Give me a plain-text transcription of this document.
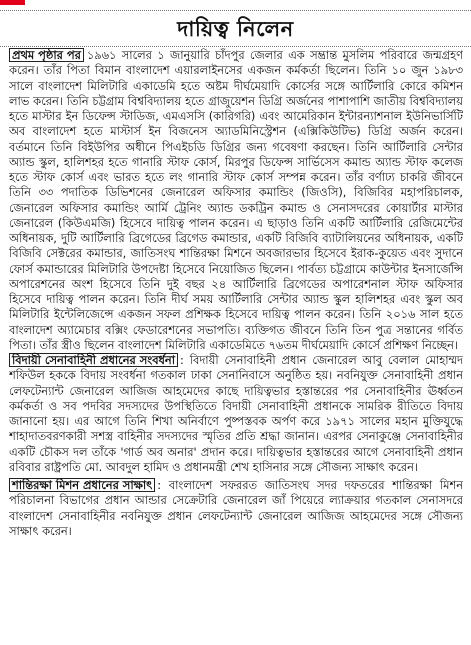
দায়িত্ব নিলেন

প্রথম পৃষ্ঠার পর ১৯৬১ সালের ১ জানুয়ারি চাঁদপুর জেলার এক সম্ভ্রান্ত মুসলিম পরিবারে জন্মগ্রহণ করেন। তাঁর পিতা বিমান বাংলাদেশ এয়ারলাইনসের একজন কর্মকর্তা ছিলেন। তিনি ১০ জুন ১৯৮৩ সালে বাংলাদেশ মিলিটারি একাডেমি হতে অষ্টম দীর্ঘমেয়াদি কোর্সের সঙ্গে আর্টিলারি কোরে কমিশন লাভ করেন। তিনি চট্টগ্রাম বিশ্ববিদ্যালয় হতে গ্রাজুয়েশন ডিগ্রি অর্জনের পাশাপাশি জাতীয় বিশ্ববিদ্যালয় হতে মাস্টার ইন ডিফেন্স স্টাডিজ, এমএসসি (কারিগরি) এবং আমেরিকান ইন্টারন্যাশনাল ইউনিভার্সিটি অব বাংলাদেশ হতে মাস্টার্স ইন বিজনেস অ্যাডমিনিস্ট্রেশন (এক্সিকিউটিভ) ডিগ্রি অর্জন করেন। বর্তমানে তিনি বিইউপির অধীনে পিএইচডি ডিগ্রির জন্য গবেষণা করছেন। তিনি আর্টিলারি সেন্টার অ্যান্ড স্কুল, হালিশহর হতে গানারি স্টাফ কোর্স, মিরপুর ডিফেন্স সার্ভিসেস কমান্ড অ্যান্ড স্টাফ কলেজ হতে স্টাফ কোর্স এবং ভারত হতে লং গানারি স্টাফ কোর্স সম্পন্ন করেন। তাঁর বর্ণাঢ্য চাকরি জীবনে তিনি ৩৩ পদাতিক ডিভিশনের জেনারেল অফিসার কমান্ডিং (জিওসি), বিজিবির মহাপরিচালক, জেনারেল অফিসার কমান্ডিং আর্মি ট্রেনিং অ্যান্ড ডকট্রিন কমান্ড ও সেনাসদরের কোয়ার্টার মাস্টার জেনারেল (কিউএমজি) হিসেবে দায়িত্ব পালন করেন। এ ছাড়াও তিনি একটি আর্টিলারি রেজিমেন্টের অধিনায়ক, দুটি আর্টিলারি ব্রিগেডের ব্রিগেড কমান্ডার, একটি বিজিবি ব্যাটালিয়নের অধিনায়ক, একটি বিজিবি সেক্টরের কমান্ডার, জাতিসংঘ শান্তিরক্ষা মিশনে অবজারভার হিসেবে ইরাক-কুয়েত এবং সুদানে ফোর্স কমান্ডারের মিলিটারি উপদেষ্টা হিসেবে নিয়োজিত ছিলেন। পার্বত্য চট্টগ্রামে কাউন্টার ইনসার্জেন্সি অপারেশনের অংশ হিসেবে তিনি দুই বছর ২৪ আর্টিলারি ব্রিগেডের অপারেশনাল স্টাফ অফিসার হিসেবে দায়িত্ব পালন করেন। তিনি দীর্ঘ সময় আর্টিলারি সেন্টার অ্যান্ড স্কুল হালিশহর এবং স্কুল অব মিলিটারি ইন্টেলিজেন্সে একজন সফল প্রশিক্ষক হিসেবে দায়িত্ব পালন করেন। তিনি ২০১৬ সাল হতে বাংলাদেশ অ্যামেচার বক্সিং ফেডারেশনের সভাপতি। ব্যক্তিগত জীবনে তিনি তিন পুত্র সন্তানের গর্বিত পিতা। তাঁর স্ত্রীও ছিলেন বাংলাদেশ মিলিটারি একাডেমিতে ৭৬তম দীর্ঘমেয়াদি কোর্সে প্রশিক্ষণ নিচ্ছেন।

বিদায়ী সেনাবাহিনী প্রধানের সংবর্ধনা : বিদায়ী সেনাবাহিনী প্রধান জেনারেল আবু বেলাল মোহাম্মদ শফিউল হককে বিদায় সংবর্ধনা গতকাল ঢাকা সেনানিবাসে অনুষ্ঠিত হয়। নবনিযুক্ত সেনাবাহিনী প্রধান লেফটেন্যান্ট জেনারেল আজিজ আহমেদের কাছে দায়িত্বভার হস্তান্তরের পর সেনাবাহিনীর ঊর্ধ্বতন কর্মকর্তা ও সব পদবির সদস্যদের উপস্থিতিতে বিদায়ী সেনাবাহিনী প্রধানকে সামরিক রীতিতে বিদায় জানানো হয়। এর আগে তিনি শিখা অনির্বাণে পুষ্পস্তবক অর্পণ করে ১৯৭১ সালের মহান মুক্তিযুদ্ধে শাহাদাতবরণকারী সশস্ত্র বাহিনীর সদস্যদের স্মৃতির প্রতি শ্রদ্ধা জানান। এরপর সেনাকুঞ্জে সেনাবাহিনীর একটি চৌকস দল তাঁকে 'গার্ড অব অনার' প্রদান করে। দায়িত্বভার হস্তান্তরের আগে সেনাবাহিনী প্রধান রবিবার রাষ্ট্রপতি মো. আবদুল হামিদ ও প্রধানমন্ত্রী শেখ হাসিনার সঙ্গে সৌজন্য সাক্ষাৎ করেন।

শান্তিরক্ষা মিশন প্রধানের সাক্ষাৎ : বাংলাদেশ সফররত জাতিসংঘ সদর দফতরের শান্তিরক্ষা মিশন পরিচালনা বিভাগের প্রধান আন্ডার সেক্রেটারি জেনারেল জাঁ পিয়েরে ল্যাক্রয়ার গতকাল সেনাসদরে বাংলাদেশ সেনাবাহিনীর নবনিযুক্ত প্রধান লেফটেন্যান্ট জেনারেল আজিজ আহমেদের সঙ্গে সৌজন্য সাক্ষাৎ করেন।
